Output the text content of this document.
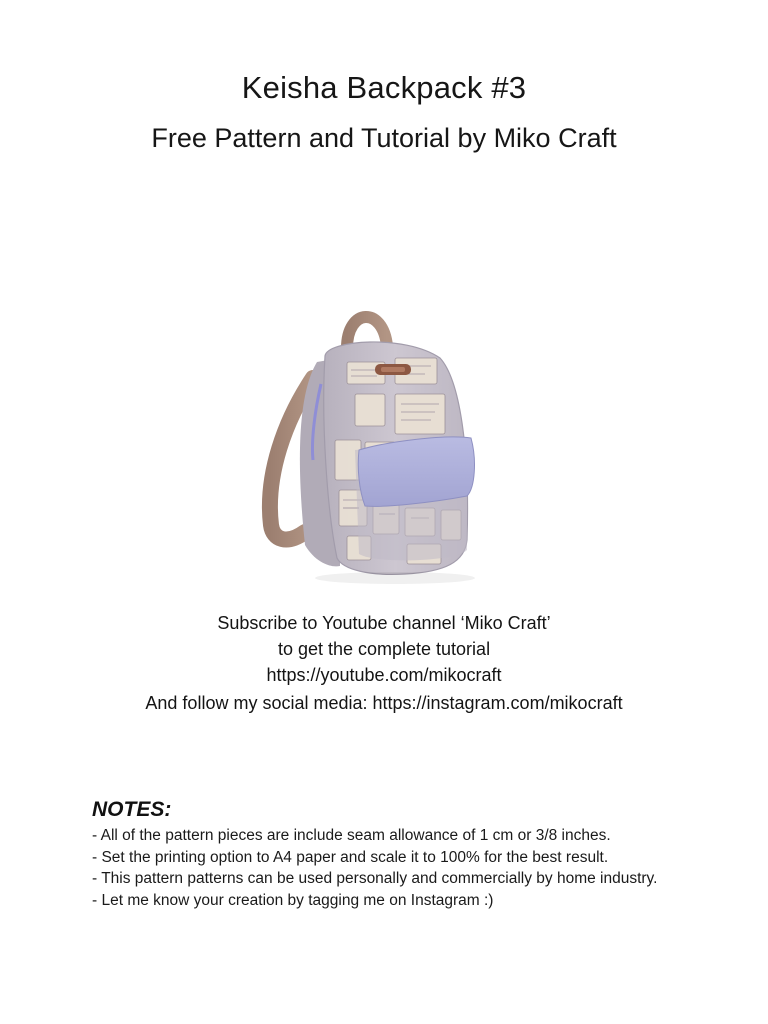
Keisha Backpack #3
Free Pattern and Tutorial by Miko Craft
Subscribe to Youtube channel ‘Miko Craft’
to get the complete tutorial
https://youtube.com/mikocraft
And follow my social media: https://instagram.com/mikocraft
NOTES:
- All of the pattern pieces are include seam allowance of 1 cm or 3/8 inches.
- Set the printing option to A4 paper and scale it to 100% for the best result.
- This pattern patterns can be used personally and commercially by home industry.
- Let me know your creation by tagging me on Instagram :)
